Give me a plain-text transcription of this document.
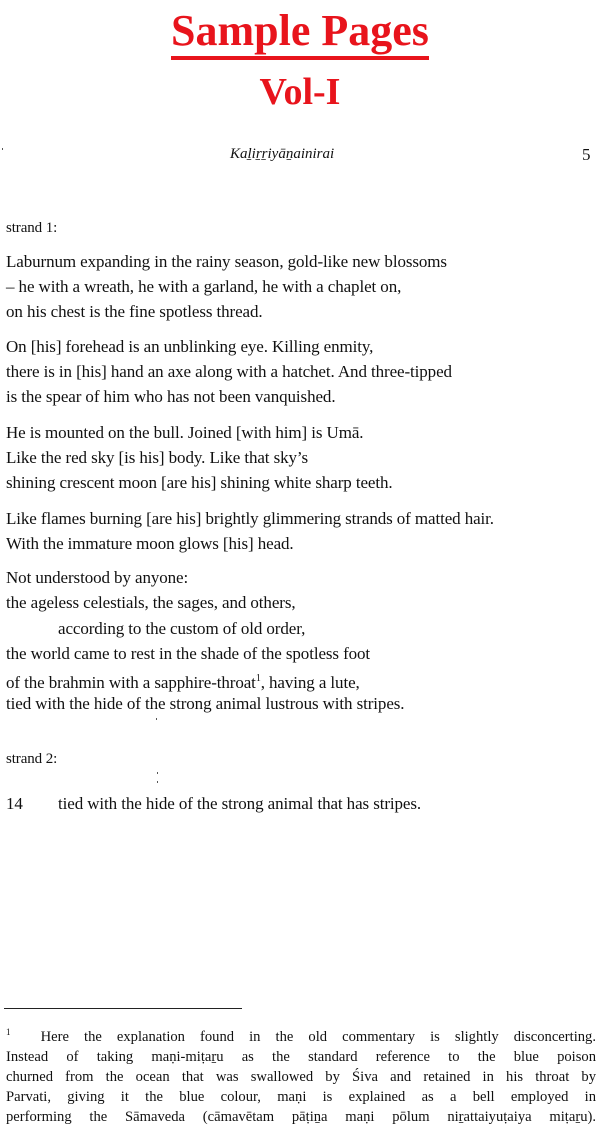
Sample Pages
Vol-I
Kaḻiṟṟiyāṉainirai	5
strand 1:
Laburnum expanding in the rainy season, gold-like new blossoms
– he with a wreath, he with a garland, he with a chaplet on,
on his chest is the fine spotless thread.
On [his] forehead is an unblinking eye. Killing enmity,
there is in [his] hand an axe along with a hatchet. And three-tipped
is the spear of him who has not been vanquished.
He is mounted on the bull. Joined [with him] is Umā.
Like the red sky [is his] body. Like that sky’s
shining crescent moon [are his] shining white sharp teeth.
Like flames burning [are his] brightly glimmering strands of matted hair.
With the immature moon glows [his] head.
Not understood by anyone:
the ageless celestials, the sages, and others,
according to the custom of old order,
the world came to rest in the shade of the spotless foot
of the brahmin with a sapphire-throat$^1$, having a lute,
tied with the hide of the strong animal lustrous with stripes.
strand 2:
14 tied with the hide of the strong animal that has stripes.
$^1$ Here the explanation found in the old commentary is slightly disconcerting.
Instead of taking maṇi-miṭaṟu as the standard reference to the blue poison
churned from the ocean that was swallowed by Śiva and retained in his throat by
Parvati, giving it the blue colour, maṇi is explained as a bell employed in
performing the Sāmaveda (cāmavētam pāṭiṉa maṇi pōlum niṟattaiyuṭaiya miṭaṟu).
